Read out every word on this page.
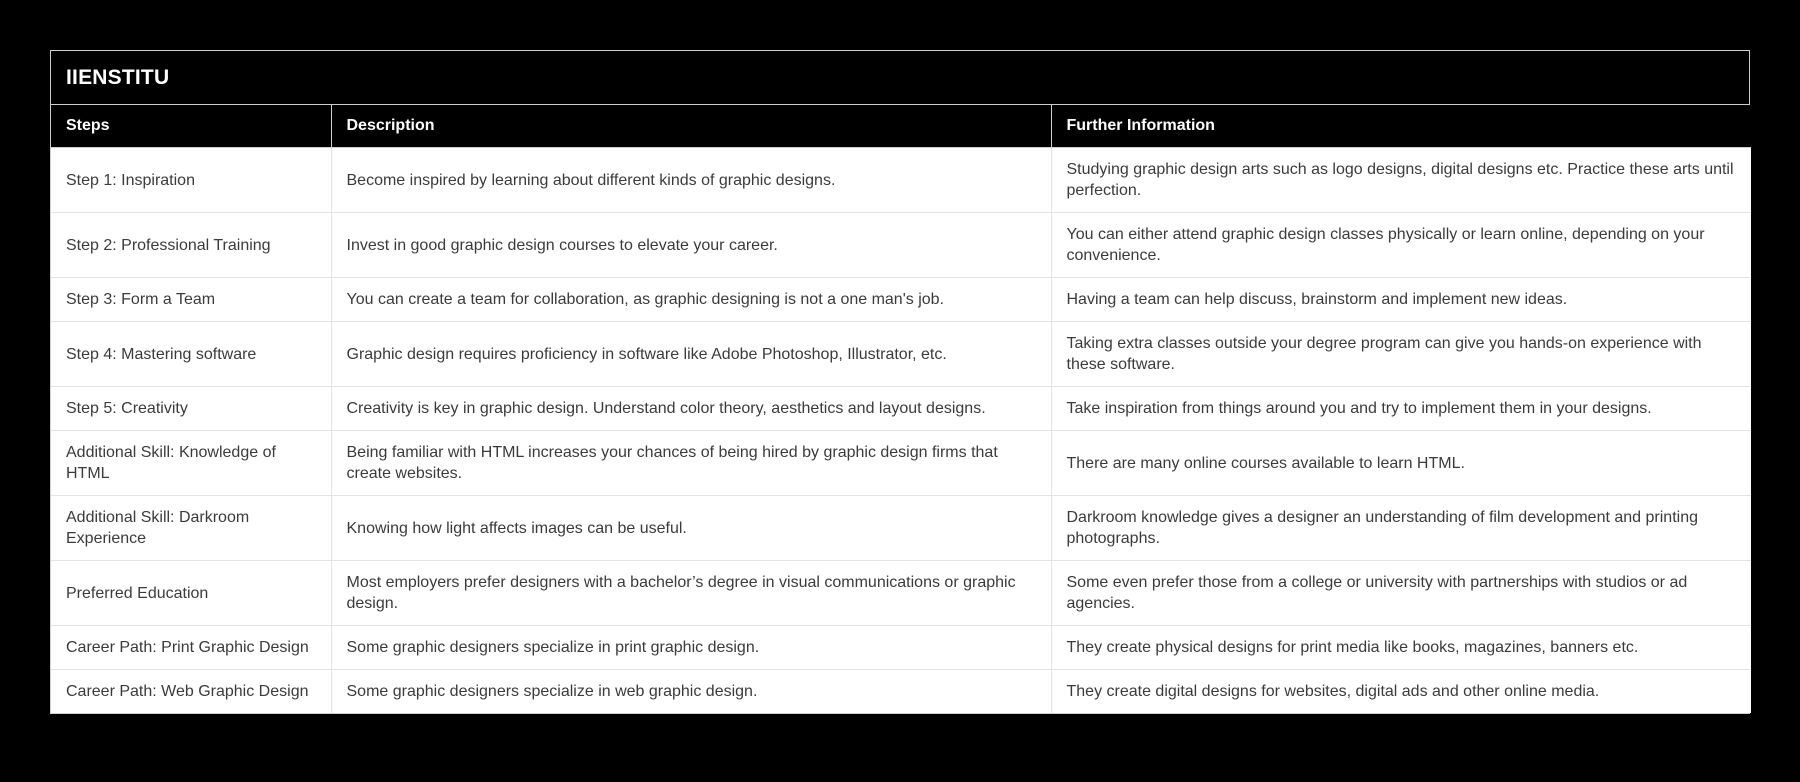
IIENSTITU
Steps	Description	Further Information
Step 1: Inspiration	Become inspired by learning about different kinds of graphic designs.	Studying graphic design arts such as logo designs, digital designs etc. Practice these arts until perfection.
Step 2: Professional Training	Invest in good graphic design courses to elevate your career.	You can either attend graphic design classes physically or learn online, depending on your convenience.
Step 3: Form a Team	You can create a team for collaboration, as graphic designing is not a one man's job.	Having a team can help discuss, brainstorm and implement new ideas.
Step 4: Mastering software	Graphic design requires proficiency in software like Adobe Photoshop, Illustrator, etc.	Taking extra classes outside your degree program can give you hands-on experience with these software.
Step 5: Creativity	Creativity is key in graphic design. Understand color theory, aesthetics and layout designs.	Take inspiration from things around you and try to implement them in your designs.
Additional Skill: Knowledge of HTML	Being familiar with HTML increases your chances of being hired by graphic design firms that create websites.	There are many online courses available to learn HTML.
Additional Skill: Darkroom Experience	Knowing how light affects images can be useful.	Darkroom knowledge gives a designer an understanding of film development and printing photographs.
Preferred Education	Most employers prefer designers with a bachelor’s degree in visual communications or graphic design.	Some even prefer those from a college or university with partnerships with studios or ad agencies.
Career Path: Print Graphic Design	Some graphic designers specialize in print graphic design.	They create physical designs for print media like books, magazines, banners etc.
Career Path: Web Graphic Design	Some graphic designers specialize in web graphic design.	They create digital designs for websites, digital ads and other online media.
